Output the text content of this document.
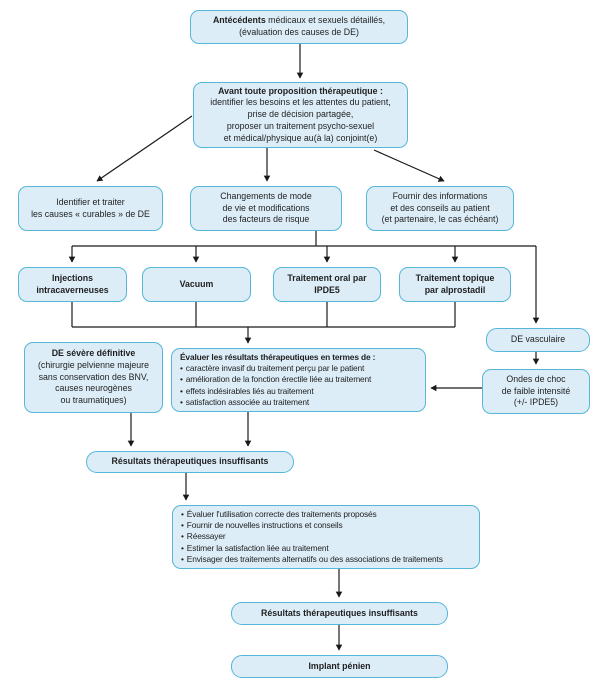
Antécédents médicaux et sexuels détaillés,
(évaluation des causes de DE)
Avant toute proposition thérapeutique :
identifier les besoins et les attentes du patient,
prise de décision partagée,
proposer un traitement psycho-sexuel
et médical/physique au(à la) conjoint(e)
Identifier et traiter
les causes « curables » de DE
Changements de mode
de vie et modifications
des facteurs de risque
Fournir des informations
et des conseils au patient
(et partenaire, le cas échéant)
Injections
intracaverneuses
Vacuum
Traitement oral par
IPDE5
Traitement topique
par alprostadil
DE vasculaire
Ondes de choc
de faible intensité
(+/- IPDE5)
DE sévère définitive
(chirurgie pelvienne majeure
sans conservation des BNV,
causes neurogènes
ou traumatiques)
Évaluer les résultats thérapeutiques en termes de :
• caractère invasif du traitement perçu par le patient
• amélioration de la fonction érectile liée au traitement
• effets indésirables liés au traitement
• satisfaction associée au traitement
Résultats thérapeutiques insuffisants
• Évaluer l'utilisation correcte des traitements proposés
• Fournir de nouvelles instructions et conseils
• Réessayer
• Estimer la satisfaction liée au traitement
• Envisager des traitements alternatifs ou des associations de traitements
Résultats thérapeutiques insuffisants
Implant pénien
